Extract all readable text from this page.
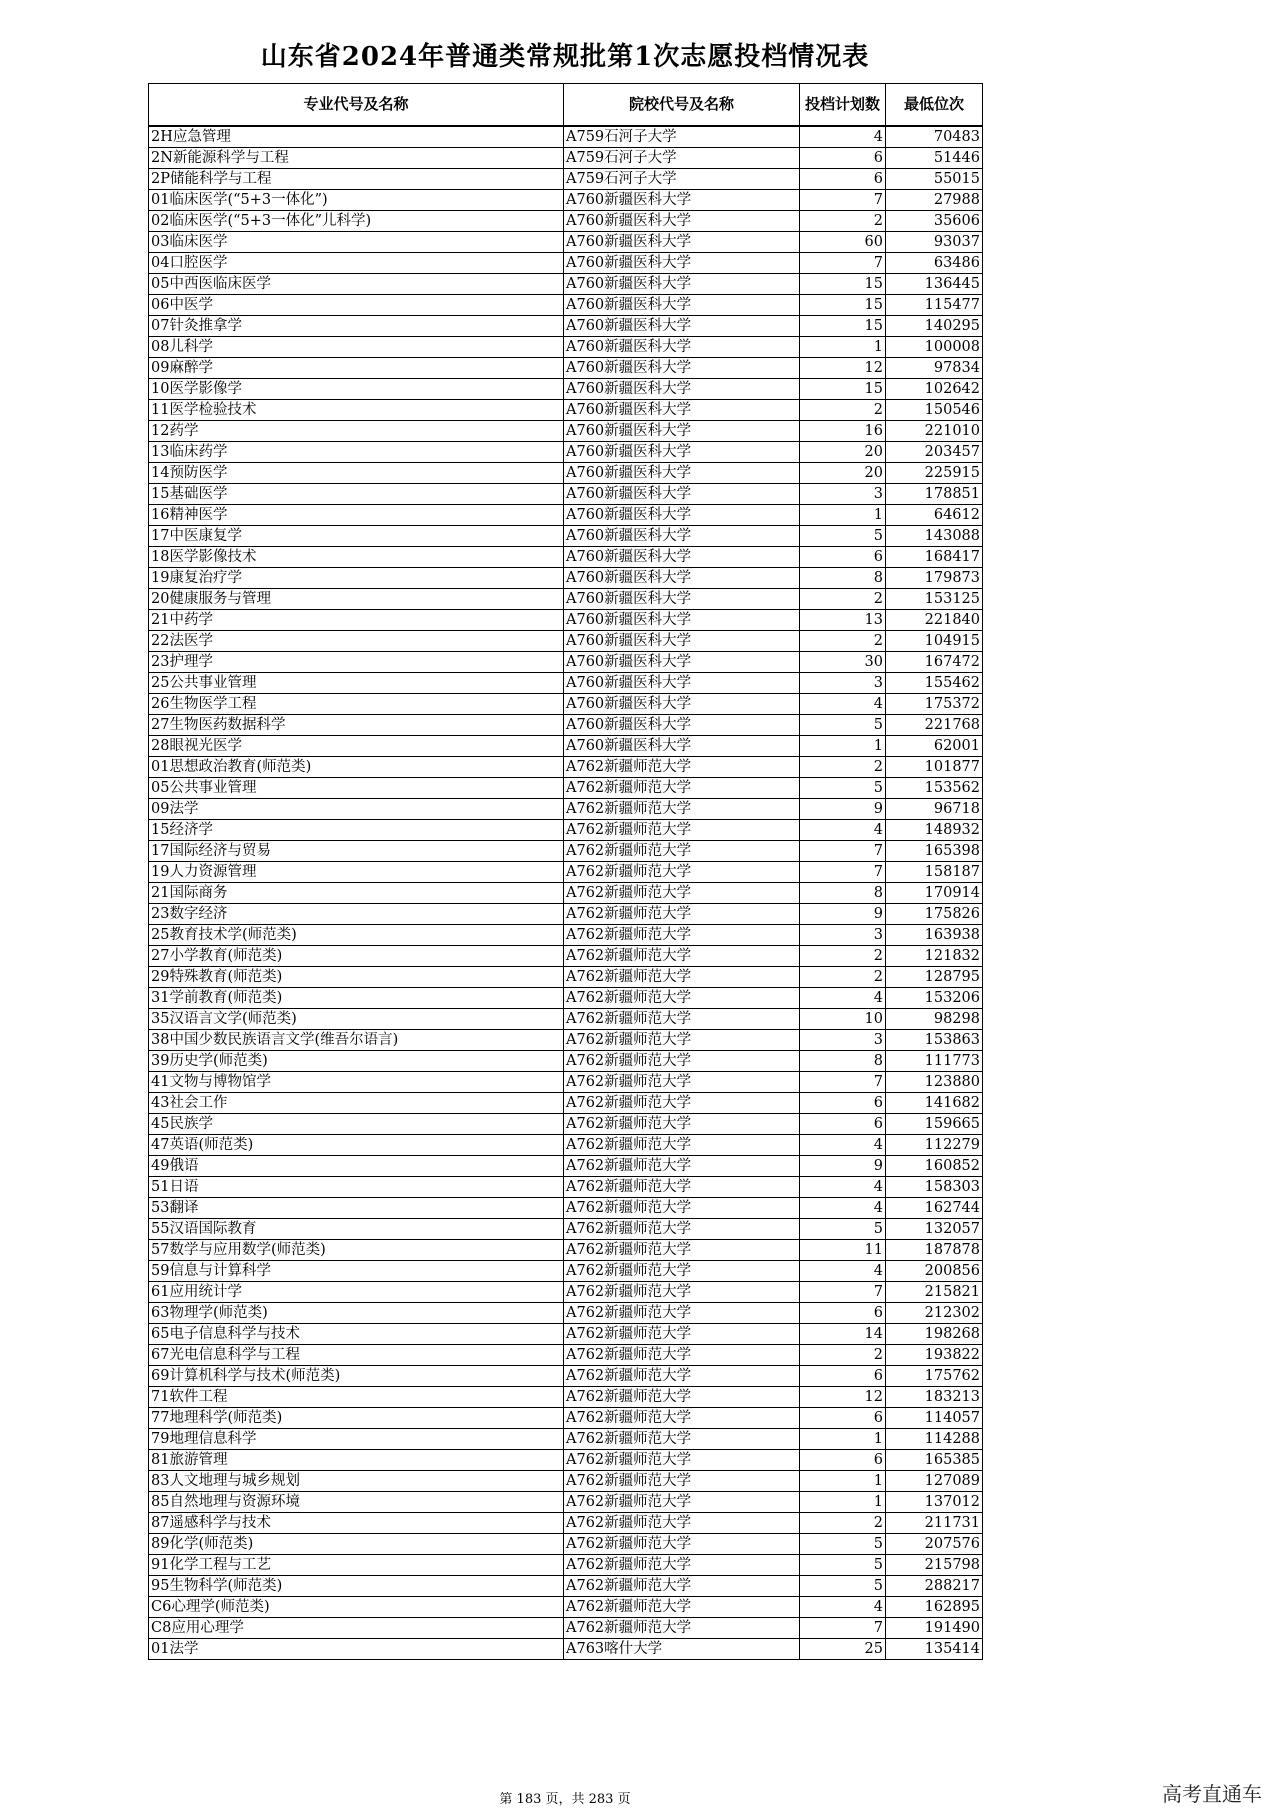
山东省2024年普通类常规批第1次志愿投档情况表
专业代号及名称	院校代号及名称	投档计划数	最低位次
2H应急管理	A759石河子大学	4	70483
2N新能源科学与工程	A759石河子大学	6	51446
2P储能科学与工程	A759石河子大学	6	55015
01临床医学(“5+3一体化”)	A760新疆医科大学	7	27988
02临床医学(“5+3一体化”儿科学)	A760新疆医科大学	2	35606
03临床医学	A760新疆医科大学	60	93037
04口腔医学	A760新疆医科大学	7	63486
05中西医临床医学	A760新疆医科大学	15	136445
06中医学	A760新疆医科大学	15	115477
07针灸推拿学	A760新疆医科大学	15	140295
08儿科学	A760新疆医科大学	1	100008
09麻醉学	A760新疆医科大学	12	97834
10医学影像学	A760新疆医科大学	15	102642
11医学检验技术	A760新疆医科大学	2	150546
12药学	A760新疆医科大学	16	221010
13临床药学	A760新疆医科大学	20	203457
14预防医学	A760新疆医科大学	20	225915
15基础医学	A760新疆医科大学	3	178851
16精神医学	A760新疆医科大学	1	64612
17中医康复学	A760新疆医科大学	5	143088
18医学影像技术	A760新疆医科大学	6	168417
19康复治疗学	A760新疆医科大学	8	179873
20健康服务与管理	A760新疆医科大学	2	153125
21中药学	A760新疆医科大学	13	221840
22法医学	A760新疆医科大学	2	104915
23护理学	A760新疆医科大学	30	167472
25公共事业管理	A760新疆医科大学	3	155462
26生物医学工程	A760新疆医科大学	4	175372
27生物医药数据科学	A760新疆医科大学	5	221768
28眼视光医学	A760新疆医科大学	1	62001
01思想政治教育(师范类)	A762新疆师范大学	2	101877
05公共事业管理	A762新疆师范大学	5	153562
09法学	A762新疆师范大学	9	96718
15经济学	A762新疆师范大学	4	148932
17国际经济与贸易	A762新疆师范大学	7	165398
19人力资源管理	A762新疆师范大学	7	158187
21国际商务	A762新疆师范大学	8	170914
23数字经济	A762新疆师范大学	9	175826
25教育技术学(师范类)	A762新疆师范大学	3	163938
27小学教育(师范类)	A762新疆师范大学	2	121832
29特殊教育(师范类)	A762新疆师范大学	2	128795
31学前教育(师范类)	A762新疆师范大学	4	153206
35汉语言文学(师范类)	A762新疆师范大学	10	98298
38中国少数民族语言文学(维吾尔语言)	A762新疆师范大学	3	153863
39历史学(师范类)	A762新疆师范大学	8	111773
41文物与博物馆学	A762新疆师范大学	7	123880
43社会工作	A762新疆师范大学	6	141682
45民族学	A762新疆师范大学	6	159665
47英语(师范类)	A762新疆师范大学	4	112279
49俄语	A762新疆师范大学	9	160852
51日语	A762新疆师范大学	4	158303
53翻译	A762新疆师范大学	4	162744
55汉语国际教育	A762新疆师范大学	5	132057
57数学与应用数学(师范类)	A762新疆师范大学	11	187878
59信息与计算科学	A762新疆师范大学	4	200856
61应用统计学	A762新疆师范大学	7	215821
63物理学(师范类)	A762新疆师范大学	6	212302
65电子信息科学与技术	A762新疆师范大学	14	198268
67光电信息科学与工程	A762新疆师范大学	2	193822
69计算机科学与技术(师范类)	A762新疆师范大学	6	175762
71软件工程	A762新疆师范大学	12	183213
77地理科学(师范类)	A762新疆师范大学	6	114057
79地理信息科学	A762新疆师范大学	1	114288
81旅游管理	A762新疆师范大学	6	165385
83人文地理与城乡规划	A762新疆师范大学	1	127089
85自然地理与资源环境	A762新疆师范大学	1	137012
87遥感科学与技术	A762新疆师范大学	2	211731
89化学(师范类)	A762新疆师范大学	5	207576
91化学工程与工艺	A762新疆师范大学	5	215798
95生物科学(师范类)	A762新疆师范大学	5	288217
C6心理学(师范类)	A762新疆师范大学	4	162895
C8应用心理学	A762新疆师范大学	7	191490
01法学	A763喀什大学	25	135414
第 183 页，共 283 页	高考直通车
